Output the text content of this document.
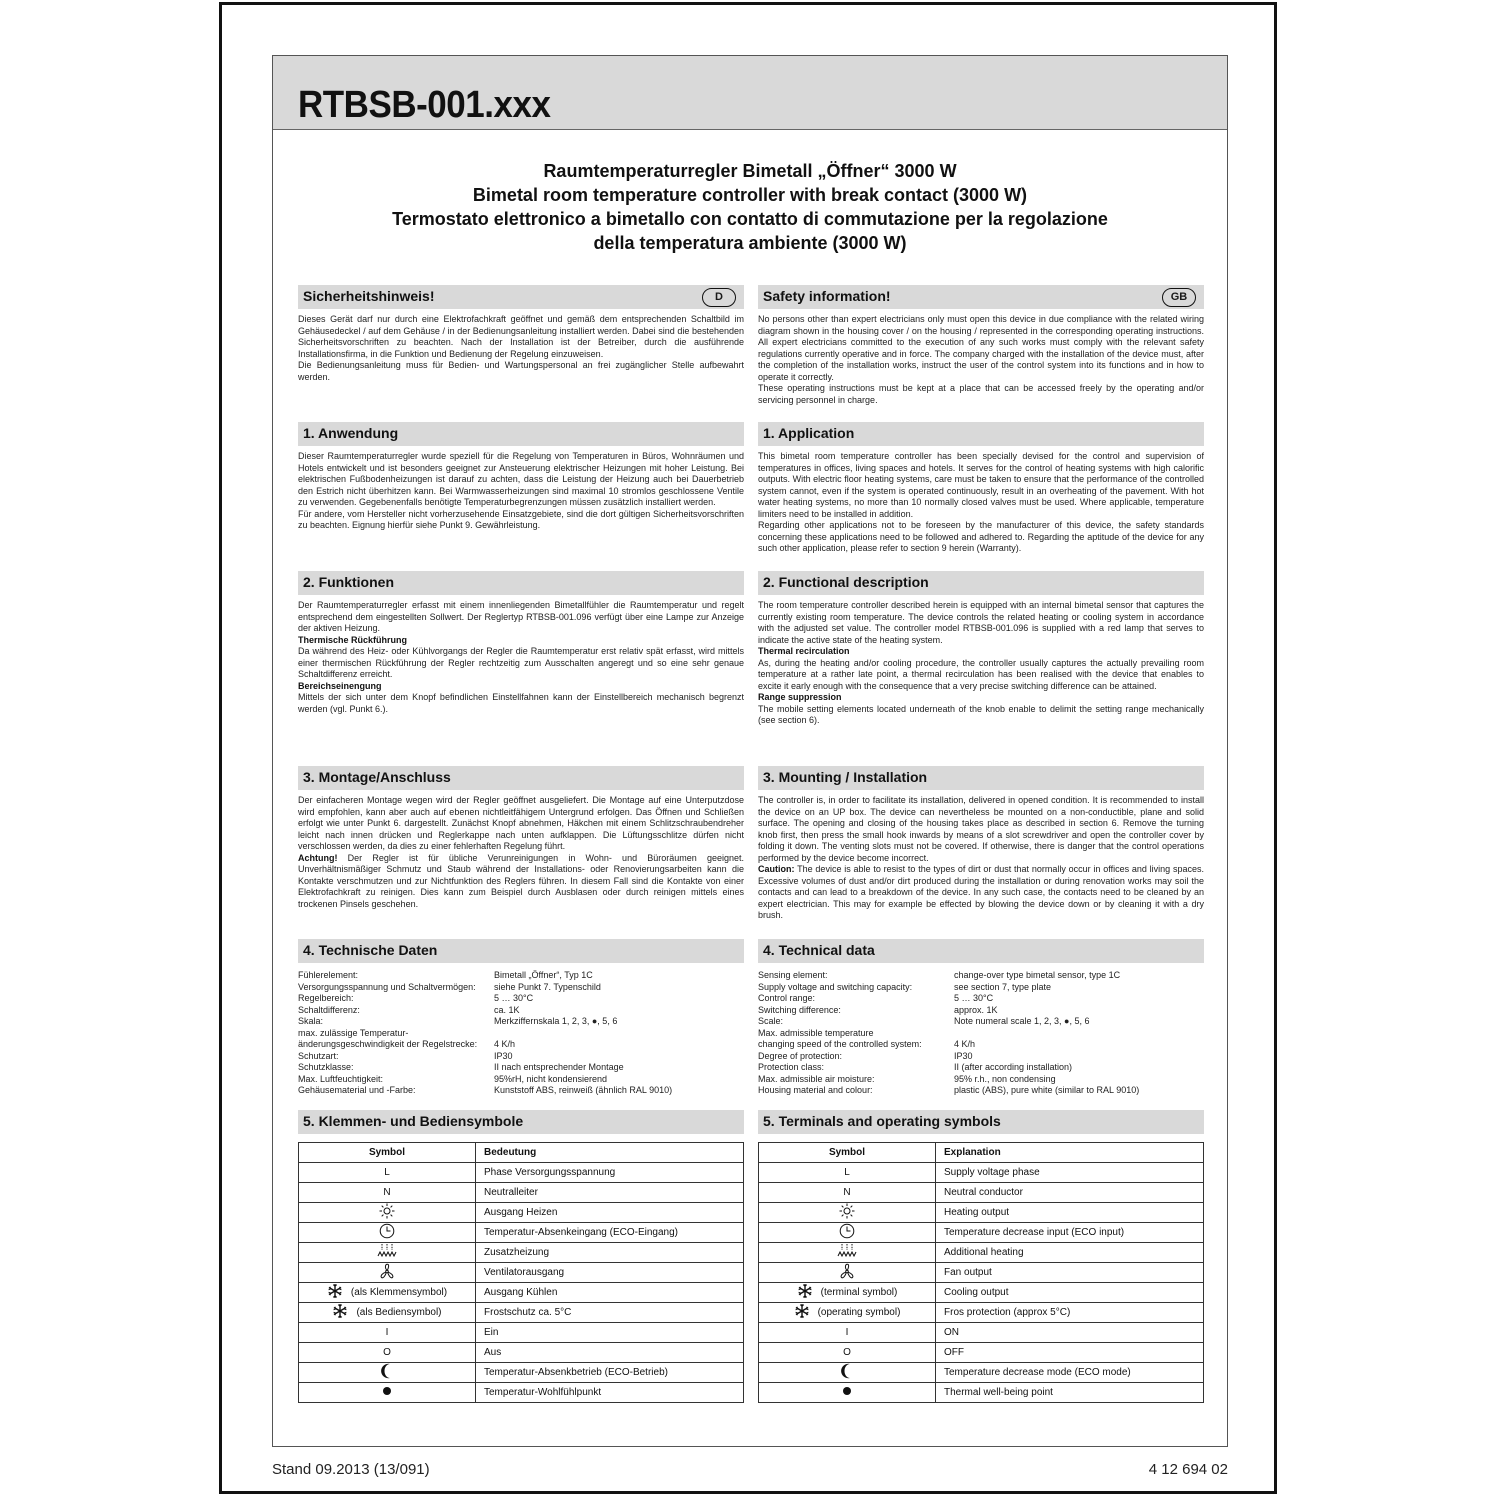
RTBSB-001.xxx
Raumtemperaturregler Bimetall „Öffner“ 3000 W
Bimetal room temperature controller with break contact (3000 W)
Termostato elettronico a bimetallo con contatto di commutazione per la regolazione
della temperatura ambiente (3000 W)
Sicherheitshinweis!	D

Dieses Gerät darf nur durch eine Elektrofachkraft geöffnet und gemäß dem entsprechenden Schaltbild im Gehäusedeckel / auf dem Gehäuse / in der Bedienungsanleitung installiert werden. Dabei sind die bestehenden Sicherheitsvorschriften zu beachten. Nach der Installation ist der Betreiber, durch die ausführende Installationsfirma, in die Funktion und Bedienung der Regelung einzuweisen.

Die Bedienungsanleitung muss für Bedien- und Wartungspersonal an frei zugänglicher Stelle aufbewahrt werden.

1. Anwendung

Dieser Raumtemperaturregler wurde speziell für die Regelung von Temperaturen in Büros, Wohnräumen und Hotels entwickelt und ist besonders geeignet zur Ansteuerung elektrischer Heizungen mit hoher Leistung. Bei elektrischen Fußbodenheizungen ist darauf zu achten, dass die Leistung der Heizung auch bei Dauerbetrieb den Estrich nicht überhitzen kann. Bei Warmwasserheizungen sind maximal 10 stromlos geschlossene Ventile zu verwenden. Gegebenenfalls benötigte Temperaturbegrenzungen müssen zusätzlich installiert werden.

Für andere, vom Hersteller nicht vorherzusehende Einsatzgebiete, sind die dort gültigen Sicherheitsvorschriften zu beachten. Eignung hierfür siehe Punkt 9. Gewährleistung.

2. Funktionen

Der Raumtemperaturregler erfasst mit einem innenliegenden Bimetallfühler die Raumtemperatur und regelt entsprechend dem eingestellten Sollwert. Der Reglertyp RTBSB-001.096 verfügt über eine Lampe zur Anzeige der aktiven Heizung.

Thermische Rückführung

Da während des Heiz- oder Kühlvorgangs der Regler die Raumtemperatur erst relativ spät erfasst, wird mittels einer thermischen Rückführung der Regler rechtzeitig zum Ausschalten angeregt und so eine sehr genaue Schaltdifferenz erreicht.

Bereichseinengung

Mittels der sich unter dem Knopf befindlichen Einstellfahnen kann der Einstellbereich mechanisch begrenzt werden (vgl. Punkt 6.).

3. Montage/Anschluss

Der einfacheren Montage wegen wird der Regler geöffnet ausgeliefert. Die Montage auf eine Unterputzdose wird empfohlen, kann aber auch auf ebenen nichtleitfähigem Untergrund erfolgen. Das Öffnen und Schließen erfolgt wie unter Punkt 6. dargestellt. Zunächst Knopf abnehmen, Häkchen mit einem Schlitzschraubendreher leicht nach innen drücken und Reglerkappe nach unten aufklappen. Die Lüftungsschlitze dürfen nicht verschlossen werden, da dies zu einer fehlerhaften Regelung führt.

Achtung! Der Regler ist für übliche Verunreinigungen in Wohn- und Büroräumen geeignet. Unverhältnismäßiger Schmutz und Staub während der Installations- oder Renovierungsarbeiten kann die Kontakte verschmutzen und zur Nichtfunktion des Reglers führen. In diesem Fall sind die Kontakte von einer Elektrofachkraft zu reinigen. Dies kann zum Beispiel durch Ausblasen oder durch reinigen mittels eines trockenen Pinsels geschehen.

4. Technische Daten
Fühlerelement:	Bimetall „Öffner“, Typ 1C
Versorgungsspannung und Schaltvermögen:	siehe Punkt 7. Typenschild
Regelbereich:	5 … 30°C
Schaltdifferenz:	ca. 1K
Skala:	Merkziffernskala 1, 2, 3, ●, 5, 6
max. zulässige Temperatur-
änderungsgeschwindigkeit der Regelstrecke:	4 K/h
Schutzart:	IP30
Schutzklasse:	II nach entsprechender Montage
Max. Luftfeuchtigkeit:	95%rH, nicht kondensierend
Gehäusematerial und -Farbe:	Kunststoff ABS, reinweiß (ähnlich RAL 9010)
5. Klemmen- und Bediensymbole
Symbol	Bedeutung
L	Phase Versorgungsspannung
N	Neutralleiter
	Ausgang Heizen
	Temperatur-Absenkeingang (ECO-Eingang)
	Zusatzheizung
	Ventilatorausgang
(als Klemmensymbol)	Ausgang Kühlen
(als Bediensymbol)	Frostschutz ca. 5°C
I	Ein
O	Aus
	Temperatur-Absenkbetrieb (ECO-Betrieb)
	Temperatur-Wohlfühlpunkt
Safety information!	GB

No persons other than expert electricians only must open this device in due compliance with the related wiring diagram shown in the housing cover / on the housing / represented in the corresponding operating instructions. All expert electricians committed to the execution of any such works must comply with the relevant safety regulations currently operative and in force. The company charged with the installation of the device must, after the completion of the installation works, instruct the user of the control system into its functions and in how to operate it correctly.

These operating instructions must be kept at a place that can be accessed freely by the operating and/or servicing personnel in charge.

1. Application

This bimetal room temperature controller has been specially devised for the control and supervision of temperatures in offices, living spaces and hotels. It serves for the control of heating systems with high calorific outputs. With electric floor heating systems, care must be taken to ensure that the performance of the controlled system cannot, even if the system is operated continuously, result in an overheating of the pavement. With hot water heating systems, no more than 10 normally closed valves must be used. Where applicable, temperature limiters need to be installed in addition.

Regarding other applications not to be foreseen by the manufacturer of this device, the safety standards concerning these applications need to be followed and adhered to. Regarding the aptitude of the device for any such other application, please refer to section 9 herein (Warranty).

2. Functional description

The room temperature controller described herein is equipped with an internal bimetal sensor that captures the currently existing room temperature. The device controls the related heating or cooling system in accordance with the adjusted set value. The controller model RTBSB-001.096 is supplied with a red lamp that serves to indicate the active state of the heating system.

Thermal recirculation

As, during the heating and/or cooling procedure, the controller usually captures the actually prevailing room temperature at a rather late point, a thermal recirculation has been realised with the device that enables to excite it early enough with the consequence that a very precise switching difference can be attained.

Range suppression

The mobile setting elements located underneath of the knob enable to delimit the setting range mechanically (see section 6).

3. Mounting / Installation

The controller is, in order to facilitate its installation, delivered in opened condition. It is recommended to install the device on an UP box. The device can nevertheless be mounted on a non-conductible, plane and solid surface. The opening and closing of the housing takes place as described in section 6. Remove the turning knob first, then press the small hook inwards by means of a slot screwdriver and open the controller cover by folding it down. The venting slots must not be covered. If otherwise, there is danger that the control operations performed by the device become incorrect.

Caution: The device is able to resist to the types of dirt or dust that normally occur in offices and living spaces. Excessive volumes of dust and/or dirt produced during the installation or during renovation works may soil the contacts and can lead to a breakdown of the device. In any such case, the contacts need to be cleaned by an expert electrician. This may for example be effected by blowing the device down or by cleaning it with a dry brush.

4. Technical data
Sensing element:	change-over type bimetal sensor, type 1C
Supply voltage and switching capacity:	see section 7, type plate
Control range:	5 … 30°C
Switching difference:	approx. 1K
Scale:	Note numeral scale 1, 2, 3, ●, 5, 6
Max. admissible temperature
changing speed of the controlled system:	4 K/h
Degree of protection:	IP30
Protection class:	II (after according installation)
Max. admissible air moisture:	95% r.h., non condensing
Housing material and colour:	plastic (ABS), pure white (similar to RAL 9010)
5. Terminals and operating symbols
Symbol	Explanation
L	Supply voltage phase
N	Neutral conductor
	Heating output
	Temperature decrease input (ECO input)
	Additional heating
	Fan output
(terminal symbol)	Cooling output
(operating symbol)	Fros protection (approx 5°C)
I	ON
O	OFF
	Temperature decrease mode (ECO mode)
	Thermal well-being point
Stand 09.2013 (13/091)	4 12 694 02
